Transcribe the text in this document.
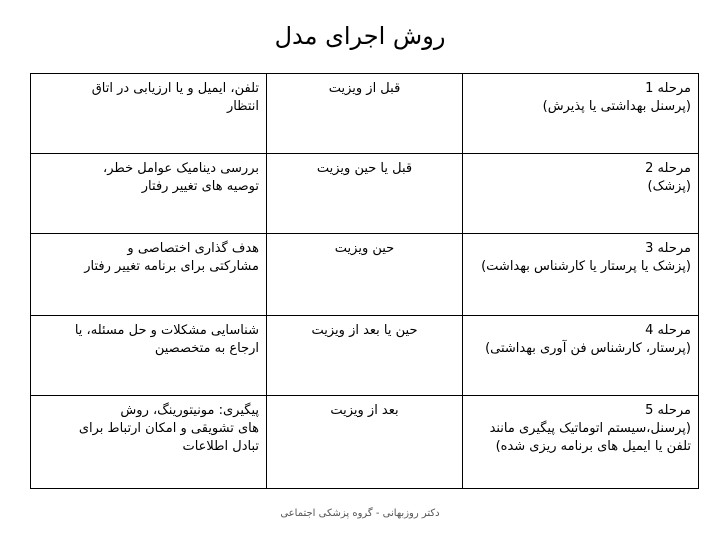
روش اجرای مدل
مرحله 1
(پرسنل بهداشتی یا پذیرش)	قبل از ویزیت	تلفن، ایمیل و یا ارزیابی در اتاق
انتظار

مرحله 2
(پزشک)	قبل یا حین ویزیت	بررسی دینامیک عوامل خطر،
توصیه های تغییر رفتار

مرحله 3
(پزشک یا پرستار یا کارشناس بهداشت)	حین ویزیت	هدف گذاری اختصاصی و
مشارکتی برای برنامه تغییر رفتار

مرحله 4
(پرستار، کارشناس فن آوری بهداشتی)	حین یا بعد از ویزیت	شناسایی مشکلات و حل مسئله، یا
ارجاع به متخصصین

مرحله 5
(پرسنل،سیستم اتوماتیک پیگیری مانند
تلفن یا ایمیل های برنامه ریزی شده)	بعد از ویزیت	پیگیری: مونیتورینگ، روش
های تشویقی و امکان ارتباط برای
تبادل اطلاعات
دکتر روزبهانی - گروه پزشکی اجتماعی
